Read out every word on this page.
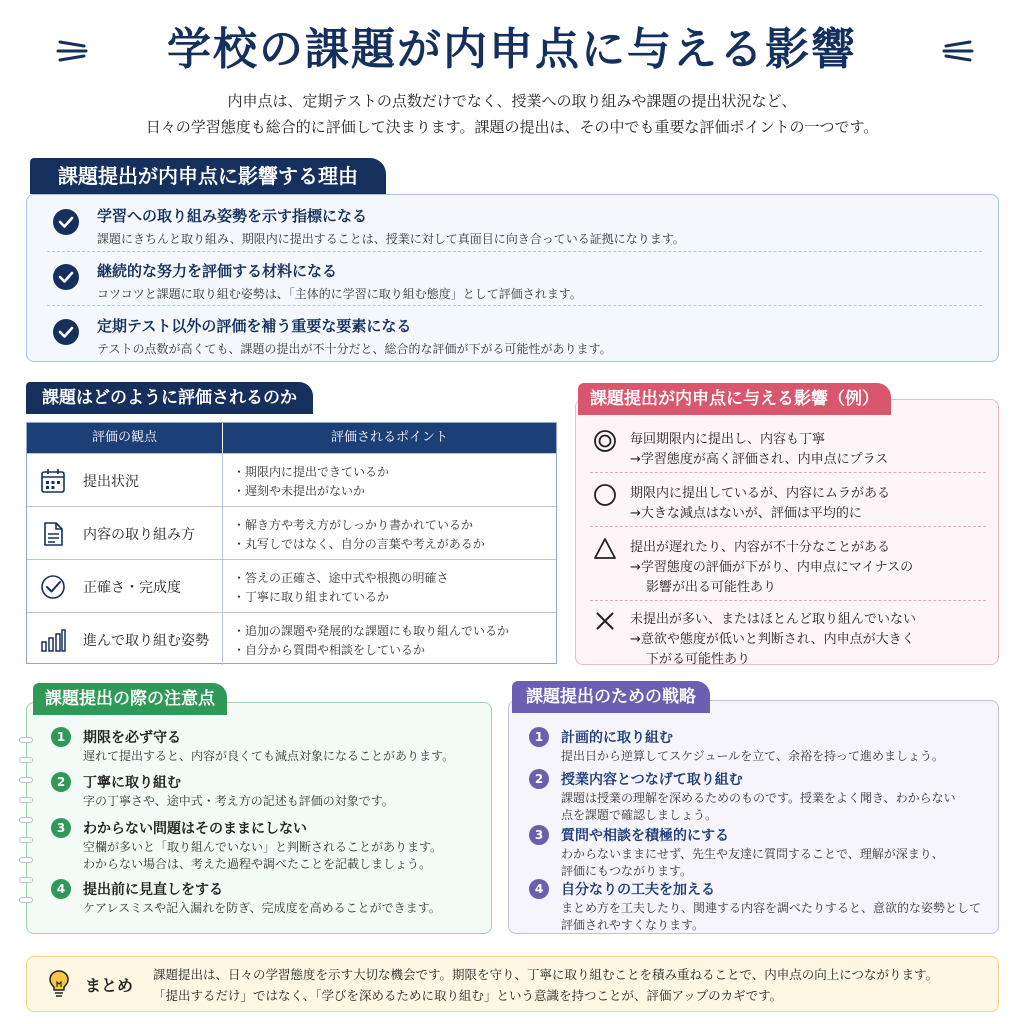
学校の課題が内申点に与える影響
内申点は、定期テストの点数だけでなく、授業への取り組みや課題の提出状況など、
日々の学習態度も総合的に評価して決まります。課題の提出は、その中でも重要な評価ポイントの一つです。
課題提出が内申点に影響する理由
学習への取り組み姿勢を示す指標になる
課題にきちんと取り組み、期限内に提出することは、授業に対して真面目に向き合っている証拠になります。
継続的な努力を評価する材料になる
コツコツと課題に取り組む姿勢は、「主体的に学習に取り組む態度」として評価されます。
定期テスト以外の評価を補う重要な要素になる
テストの点数が高くても、課題の提出が不十分だと、総合的な評価が下がる可能性があります。
課題はどのように評価されるのか
評価の観点	評価されるポイント
提出状況
・期限内に提出できているか
・遅刻や未提出がないか
内容の取り組み方
・解き方や考え方がしっかり書かれているか
・丸写しではなく、自分の言葉や考えがあるか
正確さ・完成度
・答えの正確さ、途中式や根拠の明確さ
・丁寧に取り組まれているか
進んで取り組む姿勢
・追加の課題や発展的な課題にも取り組んでいるか
・自分から質問や相談をしているか
毎回期限内に提出し、内容も丁寧
→学習態度が高く評価され、内申点にプラス
期限内に提出しているが、内容にムラがある
→大きな減点はないが、評価は平均的に
提出が遅れたり、内容が不十分なことがある
→学習態度の評価が下がり、内申点にマイナスの
影響が出る可能性あり
未提出が多い、またはほとんど取り組んでいない
→意欲や態度が低いと判断され、内申点が大きく
下がる可能性あり
課題提出が内申点に与える影響（例）
1	期限を必ず守る
遅れて提出すると、内容が良くても減点対象になることがあります。
2	丁寧に取り組む
字の丁寧さや、途中式・考え方の記述も評価の対象です。
3	わからない問題はそのままにしない
空欄が多いと「取り組んでいない」と判断されることがあります。
わからない場合は、考えた過程や調べたことを記載しましょう。
4	提出前に見直しをする
ケアレスミスや記入漏れを防ぎ、完成度を高めることができます。
課題提出の際の注意点
1	計画的に取り組む
提出日から逆算してスケジュールを立て、余裕を持って進めましょう。
2	授業内容とつなげて取り組む
課題は授業の理解を深めるためのものです。授業をよく聞き、わからない
点を課題で確認しましょう。
3	質問や相談を積極的にする
わからないままにせず、先生や友達に質問することで、理解が深まり、
評価にもつながります。
4	自分なりの工夫を加える
まとめ方を工夫したり、関連する内容を調べたりすると、意欲的な姿勢として
評価されやすくなります。
課題提出のための戦略
まとめ
課題提出は、日々の学習態度を示す大切な機会です。期限を守り、丁寧に取り組むことを積み重ねることで、内申点の向上につながります。
「提出するだけ」ではなく、「学びを深めるために取り組む」という意識を持つことが、評価アップのカギです。
